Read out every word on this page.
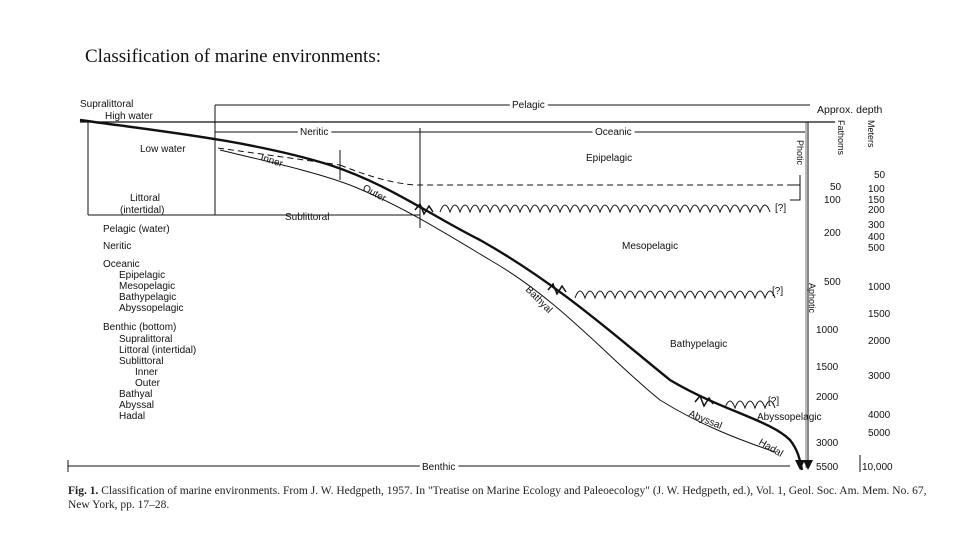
Classification of marine environments:
Supralittoral
High water
Low water
Littoral
(intertidal)
Sublittoral
Pelagic	Approx. depth
Neritic	Oceanic
Epipelagic
Mesopelagic
Bathypelagic
Abyssopelagic
Inner
Outer
Bathyal
Abyssal
Hadal
Benthic
[?]
[?]
[?]
Photic
Aphotic
Fathoms Meters
Pelagic (water)
Neritic
Oceanic
Epipelagic
Mesopelagic
Bathypelagic
Abyssopelagic
Benthic (bottom)
Supralittoral
Littoral (intertidal)
Sublittoral
Inner
Outer
Bathyal
Abyssal
Hadal
50
100
200
500
1000
1500
2000
3000
5500
50
100
150
200
300
400
500
1000
1500
2000
3000
4000
5000
10,000
Fig. 1. Classification of marine environments. From J. W. Hedgpeth, 1957. In "Treatise on Marine Ecology and Paleoecology" (J. W. Hedgpeth, ed.), Vol. 1, Geol. Soc. Am. Mem. No. 67, New York, pp. 17–28.
